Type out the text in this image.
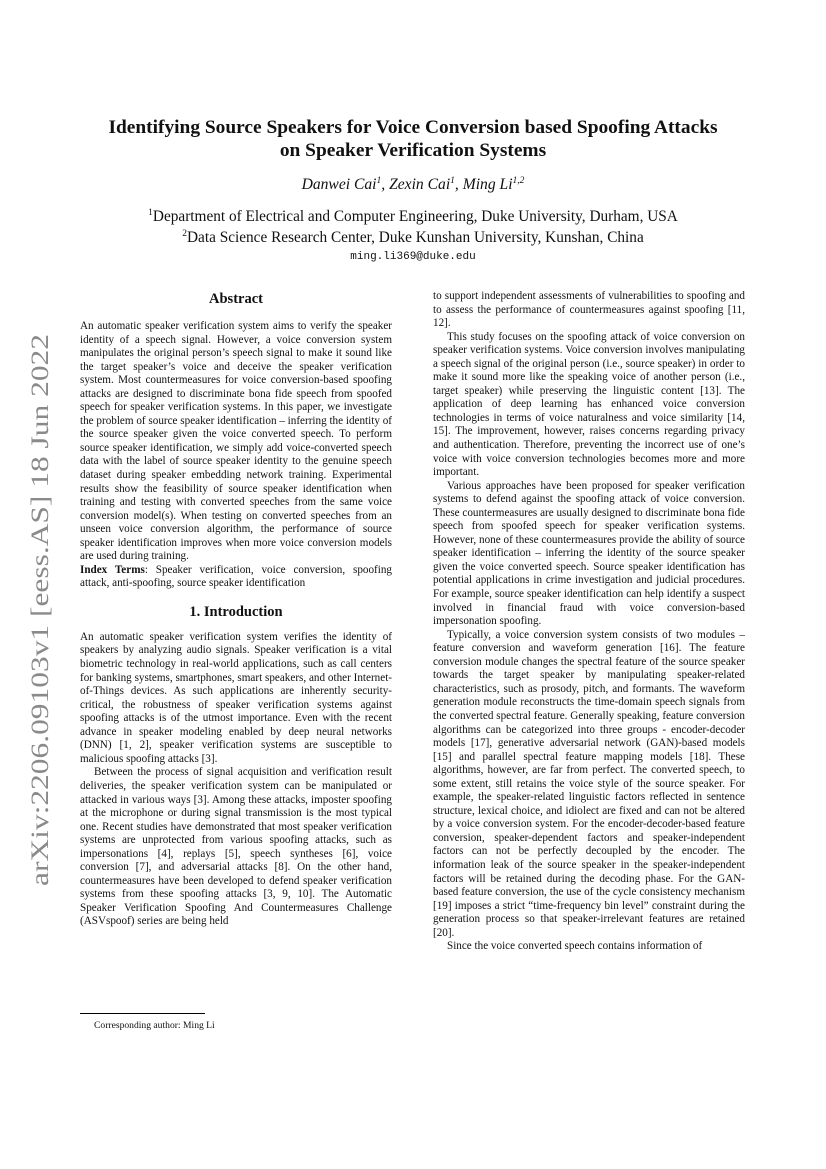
arXiv:2206.09103v1 [eess.AS] 18 Jun 2022
Identifying Source Speakers for Voice Conversion based Spoofing Attacks
on Speaker Verification Systems
Danwei Cai$^1$, Zexin Cai$^1$, Ming Li$^{1,2}$
$^1$Department of Electrical and Computer Engineering, Duke University, Durham, USA
$^2$Data Science Research Center, Duke Kunshan University, Kunshan, China
ming.li369@duke.edu
Abstract

An automatic speaker verification system aims to verify the speaker identity of a speech signal. However, a voice conversion system manipulates the original person’s speech signal to make it sound like the target speaker’s voice and deceive the speaker verification system. Most countermeasures for voice conversion-based spoofing attacks are designed to discriminate bona fide speech from spoofed speech for speaker verification systems. In this paper, we investigate the problem of source speaker identification – inferring the identity of the source speaker given the voice converted speech. To perform source speaker identification, we simply add voice-converted speech data with the label of source speaker identity to the genuine speech dataset during speaker embedding network training. Experimental results show the feasibility of source speaker identification when training and testing with converted speeches from the same voice conversion model(s). When testing on converted speeches from an unseen voice conversion algorithm, the performance of source speaker identification improves when more voice conversion models are used during training.

Index Terms: Speaker verification, voice conversion, spoofing attack, anti-spoofing, source speaker identification

1. Introduction

An automatic speaker verification system verifies the identity of speakers by analyzing audio signals. Speaker verification is a vital biometric technology in real-world applications, such as call centers for banking systems, smartphones, smart speakers, and other Internet-of-Things devices. As such applications are inherently security-critical, the robustness of speaker verification systems against spoofing attacks is of the utmost importance. Even with the recent advance in speaker modeling enabled by deep neural networks (DNN) [1, 2], speaker verification systems are susceptible to malicious spoofing attacks [3].

Between the process of signal acquisition and verification result deliveries, the speaker verification system can be manipulated or attacked in various ways [3]. Among these attacks, imposter spoofing at the microphone or during signal transmission is the most typical one. Recent studies have demonstrated that most speaker verification systems are unprotected from various spoofing attacks, such as impersonations [4], replays [5], speech syntheses [6], voice conversion [7], and adversarial attacks [8]. On the other hand, countermeasures have been developed to defend speaker verification systems from these spoofing attacks [3, 9, 10]. The Automatic Speaker Verification Spoofing And Countermeasures Challenge (ASVspoof) series are being held

Corresponding author: Ming Li

to support independent assessments of vulnerabilities to spoofing and to assess the performance of countermeasures against spoofing [11, 12].

This study focuses on the spoofing attack of voice conversion on speaker verification systems. Voice conversion involves manipulating a speech signal of the original person (i.e., source speaker) in order to make it sound more like the speaking voice of another person (i.e., target speaker) while preserving the linguistic content [13]. The application of deep learning has enhanced voice conversion technologies in terms of voice naturalness and voice similarity [14, 15]. The improvement, however, raises concerns regarding privacy and authentication. Therefore, preventing the incorrect use of one’s voice with voice conversion technologies becomes more and more important.

Various approaches have been proposed for speaker verification systems to defend against the spoofing attack of voice conversion. These countermeasures are usually designed to discriminate bona fide speech from spoofed speech for speaker verification systems. However, none of these countermeasures provide the ability of source speaker identification – inferring the identity of the source speaker given the voice converted speech. Source speaker identification has potential applications in crime investigation and judicial procedures. For example, source speaker identification can help identify a suspect involved in financial fraud with voice conversion-based impersonation spoofing.

Typically, a voice conversion system consists of two modules – feature conversion and waveform generation [16]. The feature conversion module changes the spectral feature of the source speaker towards the target speaker by manipulating speaker-related characteristics, such as prosody, pitch, and formants. The waveform generation module reconstructs the time-domain speech signals from the converted spectral feature. Generally speaking, feature conversion algorithms can be categorized into three groups - encoder-decoder models [17], generative adversarial network (GAN)-based models [15] and parallel spectral feature mapping models [18]. These algorithms, however, are far from perfect. The converted speech, to some extent, still retains the voice style of the source speaker. For example, the speaker-related linguistic factors reflected in sentence structure, lexical choice, and idiolect are fixed and can not be altered by a voice conversion system. For the encoder-decoder-based feature conversion, speaker-dependent factors and speaker-independent factors can not be perfectly decoupled by the encoder. The information leak of the source speaker in the speaker-independent factors will be retained during the decoding phase. For the GAN-based feature conversion, the use of the cycle consistency mechanism [19] imposes a strict “time-frequency bin level” constraint during the generation process so that speaker-irrelevant features are retained [20].

Since the voice converted speech contains information of
